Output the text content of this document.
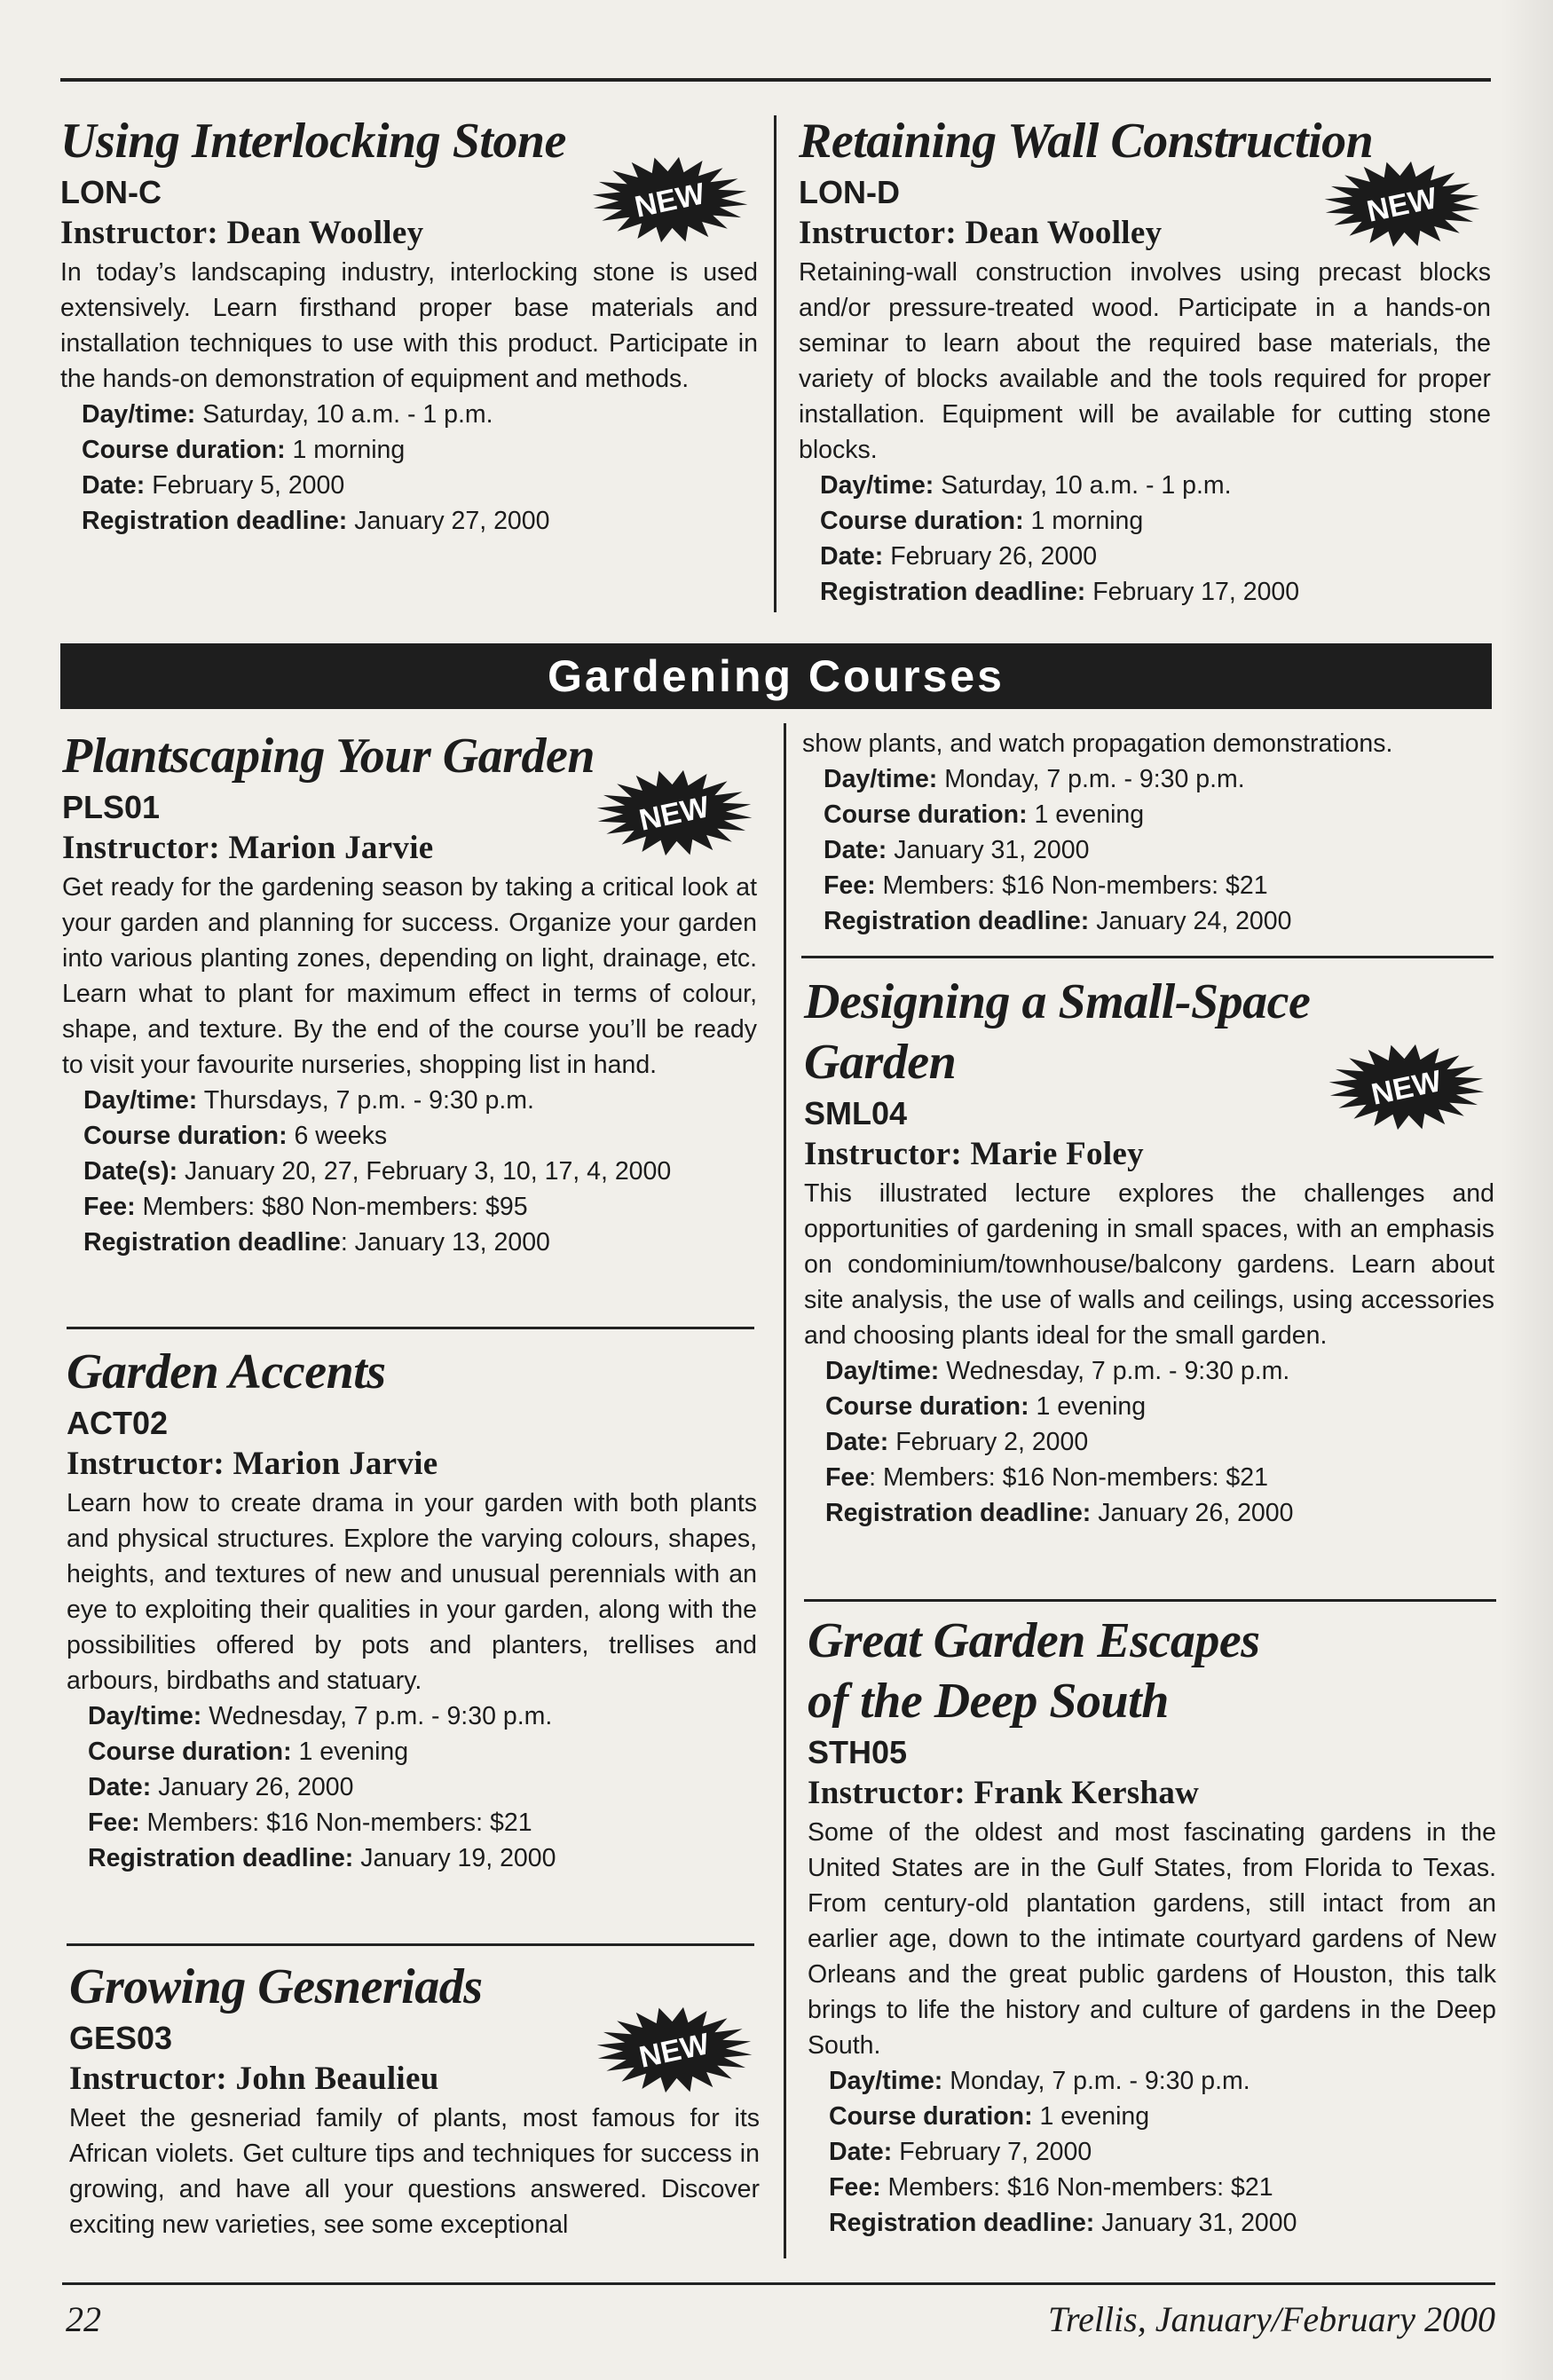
Using Interlocking Stone
LON-C
Instructor: Dean Woolley

In today’s landscaping industry, interlocking stone is used extensively. Learn firsthand proper base materials and installation techniques to use with this product. Participate in the hands-on demonstration of equipment and methods.

Day/time: Saturday, 10 a.m. - 1 p.m.
Course duration: 1 morning
Date: February 5, 2000
Registration deadline: January 27, 2000
Retaining Wall Construction
LON-D
Instructor: Dean Woolley

Retaining-wall construction involves using precast blocks and/or pressure-treated wood. Participate in a hands-on seminar to learn about the required base materials, the variety of blocks available and the tools required for proper installation. Equipment will be available for cutting stone blocks.

Day/time: Saturday, 10 a.m. - 1 p.m.
Course duration: 1 morning
Date: February 26, 2000
Registration deadline: February 17, 2000
Gardening Courses
Plantscaping Your Garden
PLS01
Instructor: Marion Jarvie

Get ready for the gardening season by taking a critical look at your garden and planning for success. Organize your garden into various planting zones, depending on light, drainage, etc. Learn what to plant for maximum effect in terms of colour, shape, and texture. By the end of the course you’ll be ready to visit your favourite nurseries, shopping list in hand.

Day/time: Thursdays, 7 p.m. - 9:30 p.m.
Course duration: 6 weeks
Date(s): January 20, 27, February 3, 10, 17, 4, 2000
Fee: Members: $80 Non-members: $95
Registration deadline: January 13, 2000
Garden Accents
ACT02
Instructor: Marion Jarvie

Learn how to create drama in your garden with both plants and physical structures. Explore the varying colours, shapes, heights, and textures of new and unusual perennials with an eye to exploiting their qualities in your garden, along with the possibilities offered by pots and planters, trellises and arbours, birdbaths and statuary.

Day/time: Wednesday, 7 p.m. - 9:30 p.m.
Course duration: 1 evening
Date: January 26, 2000
Fee: Members: $16 Non-members: $21
Registration deadline: January 19, 2000
Growing Gesneriads
GES03
Instructor: John Beaulieu

Meet the gesneriad family of plants, most famous for its African violets. Get culture tips and techniques for success in growing, and have all your questions answered. Discover exciting new varieties, see some exceptional

show plants, and watch propagation demonstrations.

Day/time: Monday, 7 p.m. - 9:30 p.m.
Course duration: 1 evening
Date: January 31, 2000
Fee: Members: $16 Non-members: $21
Registration deadline: January 24, 2000
Designing a Small-Space
Garden
SML04
Instructor: Marie Foley

This illustrated lecture explores the challenges and opportunities of gardening in small spaces, with an emphasis on condominium/townhouse/balcony gardens. Learn about site analysis, the use of walls and ceilings, using accessories and choosing plants ideal for the small garden.

Day/time: Wednesday, 7 p.m. - 9:30 p.m.
Course duration: 1 evening
Date: February 2, 2000
Fee: Members: $16 Non-members: $21
Registration deadline: January 26, 2000
Great Garden Escapes
of the Deep South
STH05
Instructor: Frank Kershaw

Some of the oldest and most fascinating gardens in the United States are in the Gulf States, from Florida to Texas. From century-old plantation gardens, still intact from an earlier age, down to the intimate courtyard gardens of New Orleans and the great public gardens of Houston, this talk brings to life the history and culture of gardens in the Deep South.

Day/time: Monday, 7 p.m. - 9:30 p.m.
Course duration: 1 evening
Date: February 7, 2000
Fee: Members: $16 Non-members: $21
Registration deadline: January 31, 2000
NEW	NEW
NEW
NEW
NEW
22	Trellis, January/February 2000
